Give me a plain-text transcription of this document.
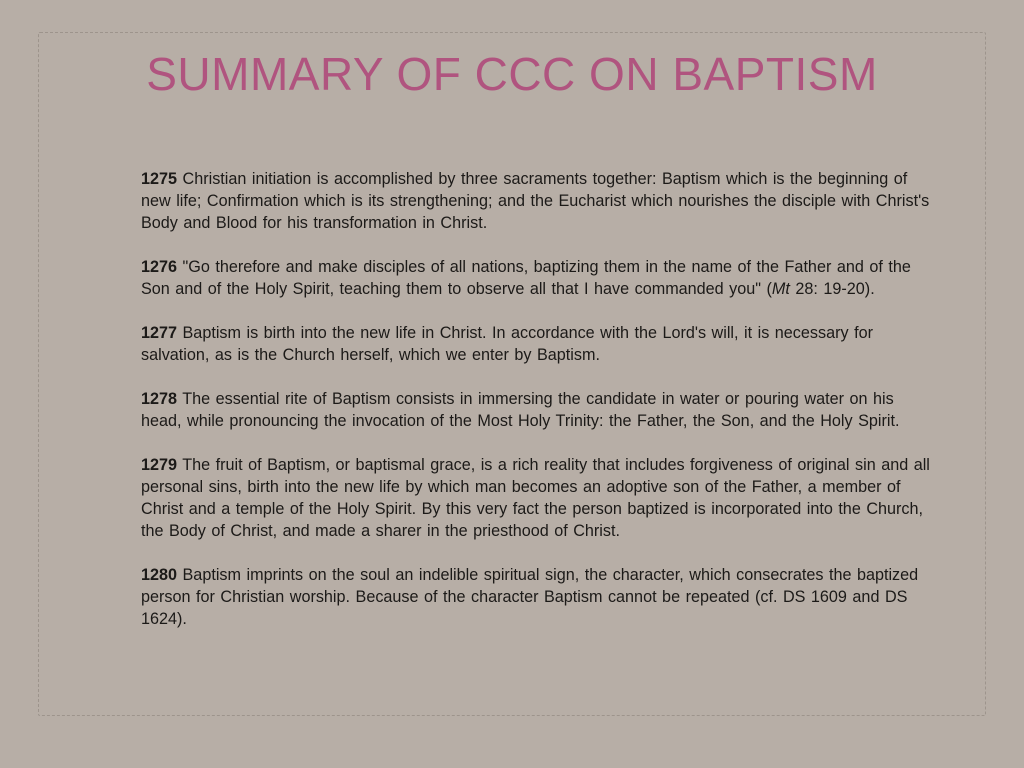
SUMMARY OF CCC ON BAPTISM

1275 Christian initiation is accomplished by three sacraments together: Baptism which is the beginning of new life; Confirmation which is its strengthening; and the Eucharist which nourishes the disciple with Christ's Body and Blood for his transformation in Christ.

1276 "Go therefore and make disciples of all nations, baptizing them in the name of the Father and of the Son and of the Holy Spirit, teaching them to observe all that I have commanded you" (Mt 28: 19-20).

1277 Baptism is birth into the new life in Christ. In accordance with the Lord's will, it is necessary for salvation, as is the Church herself, which we enter by Baptism.

1278 The essential rite of Baptism consists in immersing the candidate in water or pouring water on his head, while pronouncing the invocation of the Most Holy Trinity: the Father, the Son, and the Holy Spirit.

1279 The fruit of Baptism, or baptismal grace, is a rich reality that includes forgiveness of original sin and all personal sins, birth into the new life by which man becomes an adoptive son of the Father, a member of Christ and a temple of the Holy Spirit. By this very fact the person baptized is incorporated into the Church, the Body of Christ, and made a sharer in the priesthood of Christ.

1280 Baptism imprints on the soul an indelible spiritual sign, the character, which consecrates the baptized person for Christian worship. Because of the character Baptism cannot be repeated (cf. DS 1609 and DS 1624).
